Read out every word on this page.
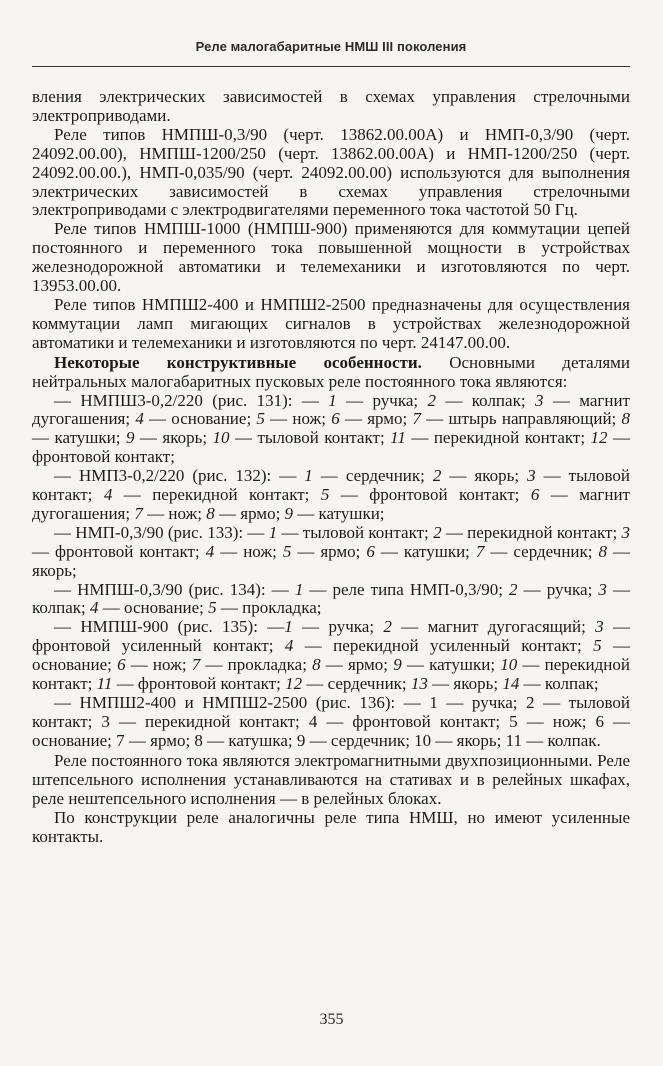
Реле малогабаритные НМШ III поколения

вления электрических зависимостей в схемах управления стрелочными электроприводами.

Реле типов НМПШ-0,3/90 (черт. 13862.00.00А) и НМП-0,3/90 (черт. 24092.00.00), НМПШ-1200/250 (черт. 13862.00.00А) и НМП-1200/250 (черт. 24092.00.00.), НМП-0,035/90 (черт. 24092.00.00) используются для выполнения электрических зависимостей в схемах управления стрелочными электроприводами с электродвигателями переменного тока частотой 50 Гц.

Реле типов НМПШ-1000 (НМПШ-900) применяются для коммутации цепей постоянного и переменного тока повышенной мощности в устройствах железнодорожной автоматики и телемеханики и изготовляются по черт. 13953.00.00.

Реле типов НМПШ2-400 и НМПШ2-2500 предназначены для осуществления коммутации ламп мигающих сигналов в устройствах железнодорожной автоматики и телемеханики и изготовляются по черт. 24147.00.00.

Некоторые конструктивные особенности. Основными деталями нейтральных малогабаритных пусковых реле постоянного тока являются:

— НМПШ3-0,2/220 (рис. 131): — 1 — ручка; 2 — колпак; 3 — магнит дугогашения; 4 — основание; 5 — нож; 6 — ярмо; 7 — штырь направляющий; 8 — катушки; 9 — якорь; 10 — тыловой контакт; 11 — перекидной контакт; 12 — фронтовой контакт;

— НМП3-0,2/220 (рис. 132): — 1 — сердечник; 2 — якорь; 3 — тыловой контакт; 4 — перекидной контакт; 5 — фронтовой контакт; 6 — магнит дугогашения; 7 — нож; 8 — ярмо; 9 — катушки;

— НМП-0,3/90 (рис. 133): — 1 — тыловой контакт; 2 — перекидной контакт; 3 — фронтовой контакт; 4 — нож; 5 — ярмо; 6 — катушки; 7 — сердечник; 8 — якорь;

— НМПШ-0,3/90 (рис. 134): — 1 — реле типа НМП-0,3/90; 2 — ручка; 3 — колпак; 4 — основание; 5 — прокладка;

— НМПШ-900 (рис. 135): —1 — ручка; 2 — магнит дугогасящий; 3 — фронтовой усиленный контакт; 4 — перекидной усиленный контакт; 5 — основание; 6 — нож; 7 — прокладка; 8 — ярмо; 9 — катушки; 10 — перекидной контакт; 11 — фронтовой контакт; 12 — сердечник; 13 — якорь; 14 — колпак;

— НМПШ2-400 и НМПШ2-2500 (рис. 136): — 1 — ручка; 2 — тыловой контакт; 3 — перекидной контакт; 4 — фронтовой контакт; 5 — нож; 6 — основание; 7 — ярмо; 8 — катушка; 9 — сердечник; 10 — якорь; 11 — колпак.

Реле постоянного тока являются электромагнитными двухпозиционными. Реле штепсельного исполнения устанавливаются на стативах и в релейных шкафах, реле нештепсельного исполнения — в релейных блоках.

По конструкции реле аналогичны реле типа НМШ, но имеют усиленные контакты.

355
